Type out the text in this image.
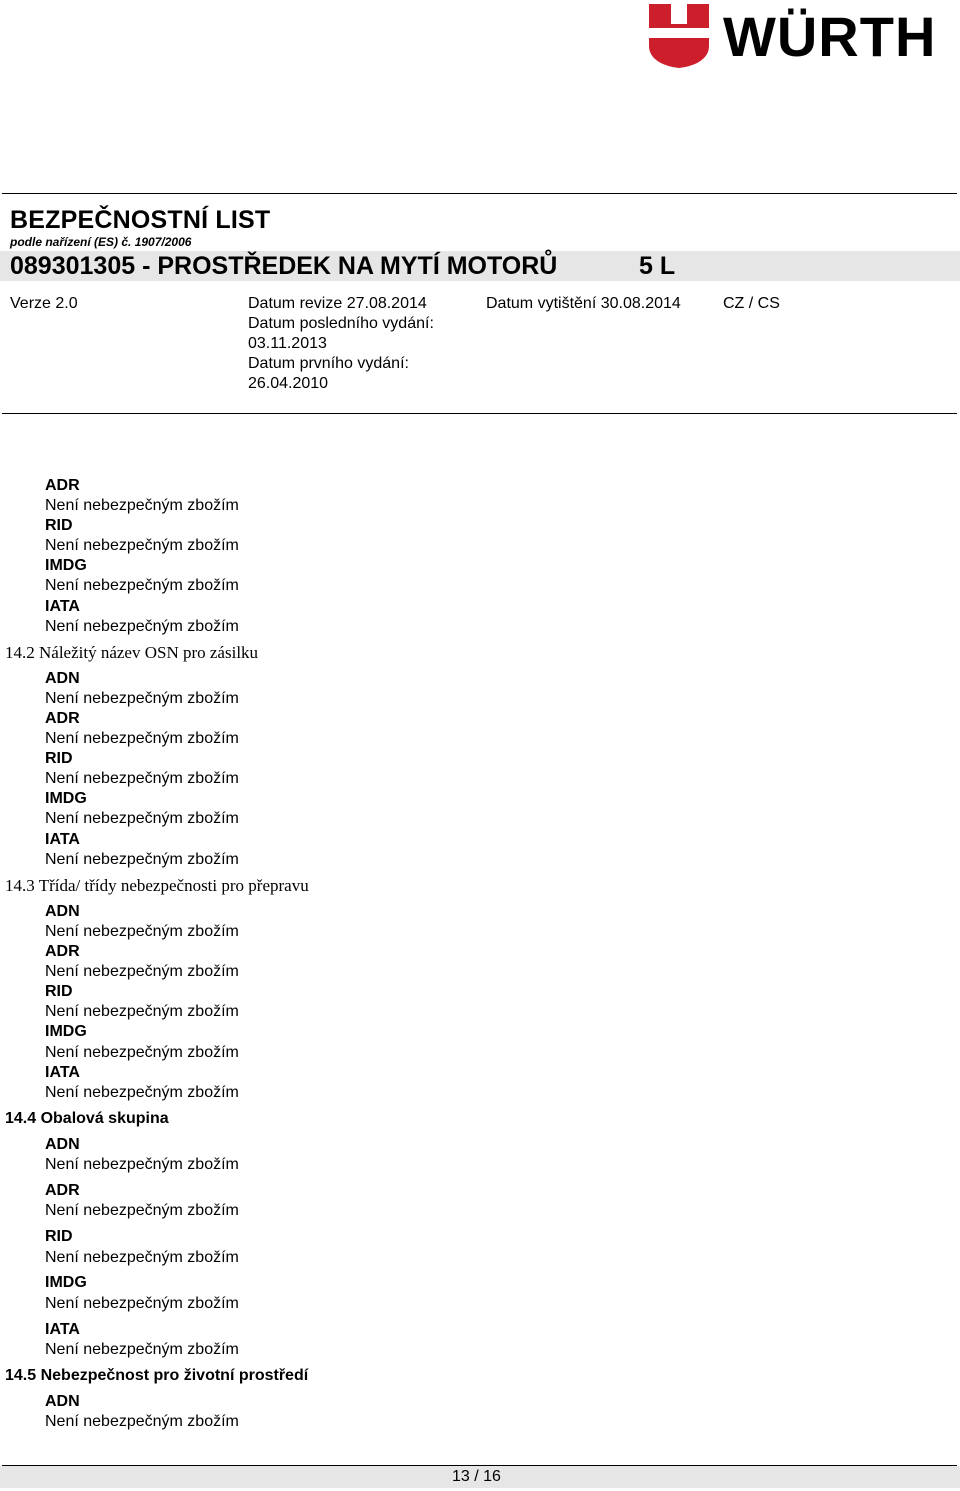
WÜRTH
BEZPEČNOSTNÍ LIST
podle nařízení (ES) č. 1907/2006
089301305 - PROSTŘEDEK NA MYTÍ MOTORŮ	5 L
Verze 2.0	Datum revize 27.08.2014
Datum posledního vydání:
03.11.2013
Datum prvního vydání:
26.04.2010
Datum vytištění 30.08.2014	CZ / CS
ADR
Není nebezpečným zbožím
RID
Není nebezpečným zbožím
IMDG
Není nebezpečným zbožím
IATA
Není nebezpečným zbožím
14.2 Náležitý název OSN pro zásilku
ADN
Není nebezpečným zbožím
ADR
Není nebezpečným zbožím
RID
Není nebezpečným zbožím
IMDG
Není nebezpečným zbožím
IATA
Není nebezpečným zbožím
14.3 Třída/ třídy nebezpečnosti pro přepravu
ADN
Není nebezpečným zbožím
ADR
Není nebezpečným zbožím
RID
Není nebezpečným zbožím
IMDG
Není nebezpečným zbožím
IATA
Není nebezpečným zbožím
14.4 Obalová skupina
ADN
Není nebezpečným zbožím
ADR
Není nebezpečným zbožím
RID
Není nebezpečným zbožím
IMDG
Není nebezpečným zbožím
IATA
Není nebezpečným zbožím
14.5 Nebezpečnost pro životní prostředí
ADN
Není nebezpečným zbožím
13 / 16
